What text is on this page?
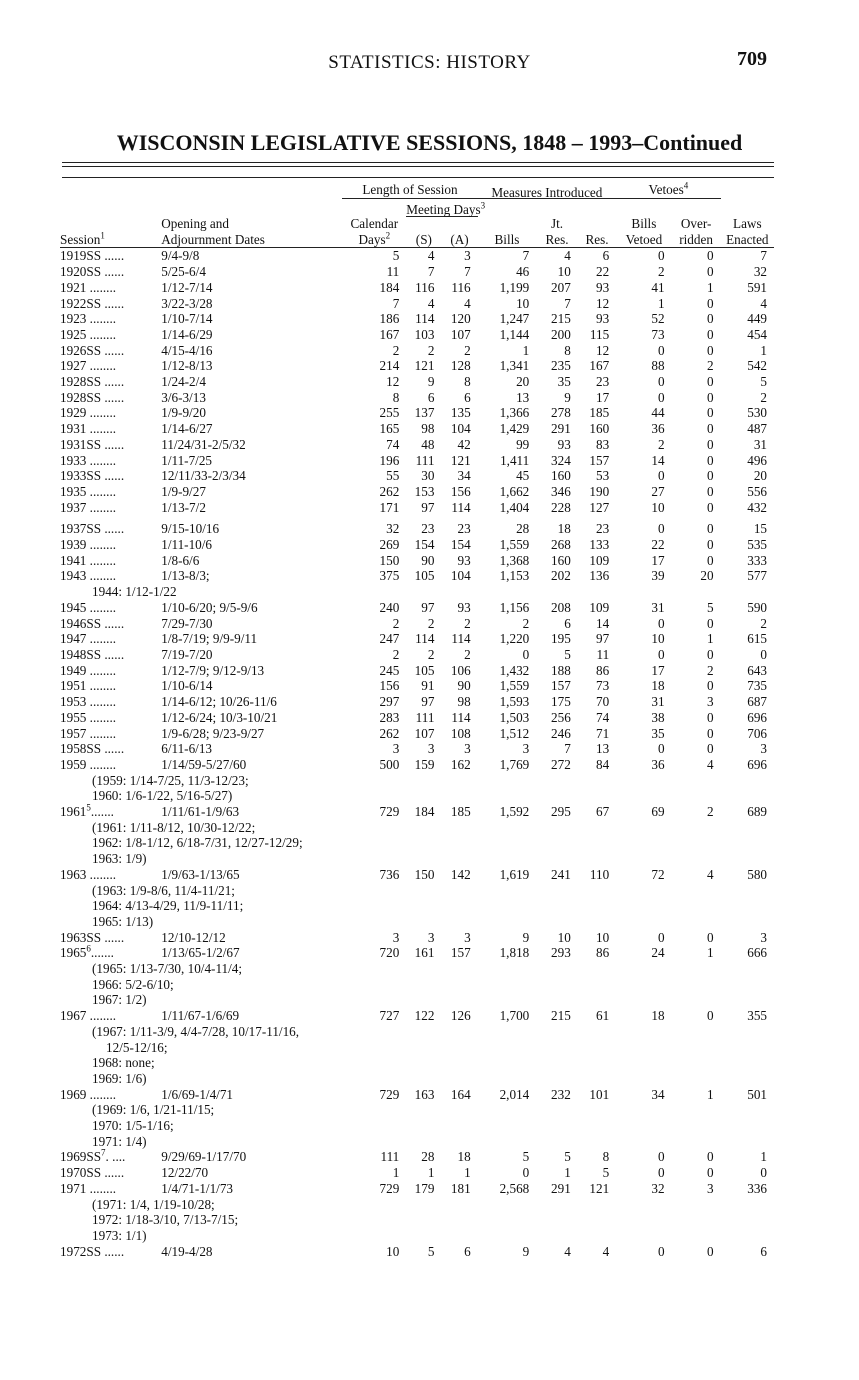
STATISTICS: HISTORY	709
WISCONSIN LEGISLATIVE SESSIONS, 1848 – 1993–Continued
		Length of Session			Measures Introduced			Vetoes$^4$	
			Meeting Days$^3$						
	Opening and	Calendar				Jt.		Bills	Over-	Laws
Session$^1$	Adjournment Dates	Days$^2$	(S)	(A)	Bills	Res.	Res.	Vetoed	ridden	Enacted
1919SS ......	9/4-9/8	5	4	3	7	4	6	0	0	7
1920SS ......	5/25-6/4	11	7	7	46	10	22	2	0	32
1921 ........	1/12-7/14	184	116	116	1,199	207	93	41	1	591
1922SS ......	3/22-3/28	7	4	4	10	7	12	1	0	4
1923 ........	1/10-7/14	186	114	120	1,247	215	93	52	0	449
1925 ........	1/14-6/29	167	103	107	1,144	200	115	73	0	454
1926SS ......	4/15-4/16	2	2	2	1	8	12	0	0	1
1927 ........	1/12-8/13	214	121	128	1,341	235	167	88	2	542
1928SS ......	1/24-2/4	12	9	8	20	35	23	0	0	5
1928SS ......	3/6-3/13	8	6	6	13	9	17	0	0	2
1929 ........	1/9-9/20	255	137	135	1,366	278	185	44	0	530
1931 ........	1/14-6/27	165	98	104	1,429	291	160	36	0	487
1931SS ......	11/24/31-2/5/32	74	48	42	99	93	83	2	0	31
1933 ........	1/11-7/25	196	111	121	1,411	324	157	14	0	496
1933SS ......	12/11/33-2/3/34	55	30	34	45	160	53	0	0	20
1935 ........	1/9-9/27	262	153	156	1,662	346	190	27	0	556
1937 ........	1/13-7/2	171	97	114	1,404	228	127	10	0	432

1937SS ......	9/15-10/16	32	23	23	28	18	23	0	0	15
1939 ........	1/11-10/6	269	154	154	1,559	268	133	22	0	535
1941 ........	1/8-6/6	150	90	93	1,368	160	109	17	0	333
1943 ........	1/13-8/3;	375	105	104	1,153	202	136	39	20	577
1944: 1/12-1/22										
1945 ........	1/10-6/20; 9/5-9/6	240	97	93	1,156	208	109	31	5	590
1946SS ......	7/29-7/30	2	2	2	2	6	14	0	0	2
1947 ........	1/8-7/19; 9/9-9/11	247	114	114	1,220	195	97	10	1	615
1948SS ......	7/19-7/20	2	2	2	0	5	11	0	0	0
1949 ........	1/12-7/9; 9/12-9/13	245	105	106	1,432	188	86	17	2	643
1951 ........	1/10-6/14	156	91	90	1,559	157	73	18	0	735
1953 ........	1/14-6/12; 10/26-11/6	297	97	98	1,593	175	70	31	3	687
1955 ........	1/12-6/24; 10/3-10/21	283	111	114	1,503	256	74	38	0	696
1957 ........	1/9-6/28; 9/23-9/27	262	107	108	1,512	246	71	35	0	706
1958SS ......	6/11-6/13	3	3	3	3	7	13	0	0	3
1959 ........	1/14/59-5/27/60	500	159	162	1,769	272	84	36	4	696
(1959: 1/14-7/25, 11/3-12/23;										
1960: 1/6-1/22, 5/16-5/27)										
1961$^5$.......	1/11/61-1/9/63	729	184	185	1,592	295	67	69	2	689
(1961: 1/11-8/12, 10/30-12/22;										
1962: 1/8-1/12, 6/18-7/31, 12/27-12/29;										
1963: 1/9)										
1963 ........	1/9/63-1/13/65	736	150	142	1,619	241	110	72	4	580
(1963: 1/9-8/6, 11/4-11/21;										
1964: 4/13-4/29, 11/9-11/11;										
1965: 1/13)										
1963SS ......	12/10-12/12	3	3	3	9	10	10	0	0	3
1965$^6$.......	1/13/65-1/2/67	720	161	157	1,818	293	86	24	1	666
(1965: 1/13-7/30, 10/4-11/4;										
1966: 5/2-6/10;										
1967: 1/2)										
1967 ........	1/11/67-1/6/69	727	122	126	1,700	215	61	18	0	355
(1967: 1/11-3/9, 4/4-7/28, 10/17-11/16,										
12/5-12/16;										
1968: none;										
1969: 1/6)										
1969 ........	1/6/69-1/4/71	729	163	164	2,014	232	101	34	1	501
(1969: 1/6, 1/21-11/15;										
1970: 1/5-1/16;										
1971: 1/4)										
$1969SS^7$. ....	9/29/69-1/17/70	111	28	18	5	5	8	0	0	1
1970SS ......	12/22/70	1	1	1	0	1	5	0	0	0
1971 ........	1/4/71-1/1/73	729	179	181	2,568	291	121	32	3	336
(1971: 1/4, 1/19-10/28;										
1972: 1/18-3/10, 7/13-7/15;										
1973: 1/1)										
1972SS ......	4/19-4/28	10	5	6	9	4	4	0	0	6
